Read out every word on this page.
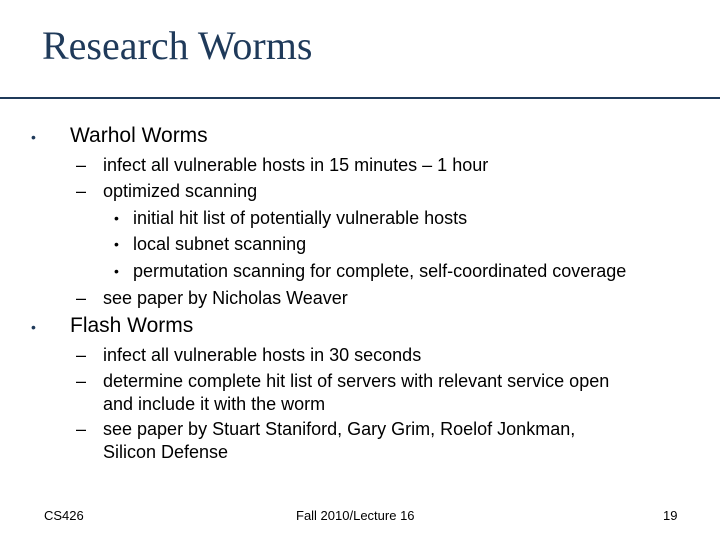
Research Worms
• Warhol Worms
– infect all vulnerable hosts in 15 minutes – 1 hour
– optimized scanning
• initial hit list of potentially vulnerable hosts
• local subnet scanning
• permutation scanning for complete, self-coordinated coverage
– see paper by Nicholas Weaver
• Flash Worms
– infect all vulnerable hosts in 30 seconds
– determine complete hit list of servers with relevant service open
and include it with the worm
– see paper by Stuart Staniford, Gary Grim, Roelof Jonkman,
Silicon Defense
CS426	Fall 2010/Lecture 16	19
